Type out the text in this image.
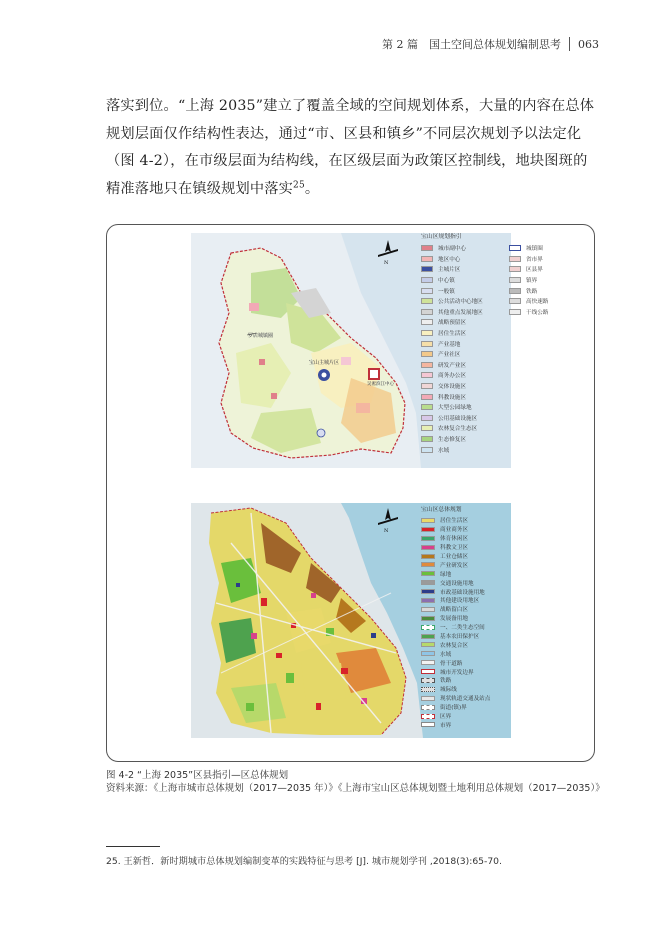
第 2 篇　国土空间总体规划编制思考 063
落实到位。“上海 2035”建立了覆盖全域的空间规划体系，大量的内容在总体规划层面仅作结构性表达，通过“市、区县和镇乡”不同层次规划予以法定化（图 4-2），在市级层面为结构线，在区级层面为政策区控制线，地块图斑的精准落地只在镇级规划中落实$^{25}$。
罗店城镇圈
宝山主城片区
吴淞滨江中心
N
宝山区规划指引
城市副中心
地区中心
主城片区
中心镇
一般镇
公共活动中心地区
其他重点发展地区
战略预留区
居住生活区
产业基地
产业社区
研发产业区
商务办公区
交体设施区
科教设施区
大型公园绿地
公用基础设施区
农林复合生态区
生态修复区
水域
城镇圈
省市界
区县界
镇界
铁路
高快速路
干线公路
N
宝山区总体规划
居住生活区
商业商务区
体育休闲区
科教文卫区
工业仓储区
产业研发区
绿地
交通设施用地
市政基础设施用地
其他建设用地区
战略留白区
发展备用地
一、二类生态空间
基本农田保护区
农林复合区
水域
骨干道路
城市开发边界
铁路
城际线
现状轨道交通及站点
街道(镇)界
区界
市界
图 4-2 “上海 2035”区县指引—区总体规划
资料来源：《上海市城市总体规划（2017—2035 年）》《上海市宝山区总体规划暨土地利用总体规划（2017—2035）》
25. 王新哲．新时期城市总体规划编制变革的实践特征与思考 [J]. 城市规划学刊 ,2018(3):65-70.
